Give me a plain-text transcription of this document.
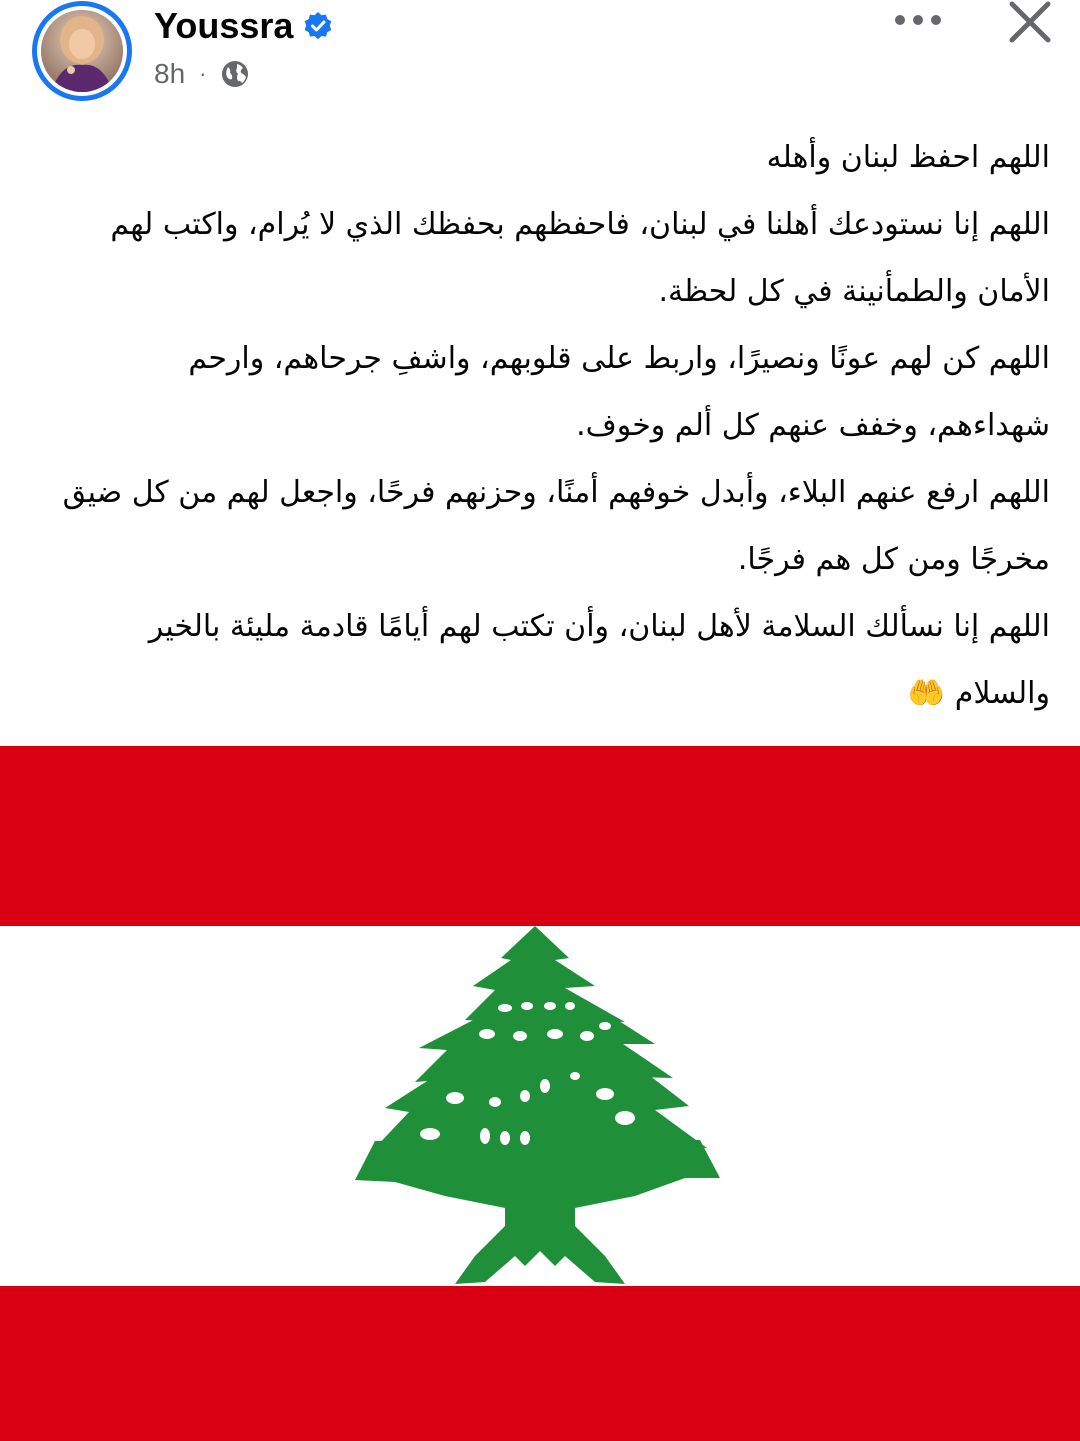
Youssra
8h ·

اللهم احفظ لبنان وأهله

اللهم إنا نستودعك أهلنا في لبنان، فاحفظهم بحفظك الذي لا يُرام، واكتب لهم الأمان والطمأنينة في كل لحظة.

اللهم كن لهم عونًا ونصيرًا، واربط على قلوبهم، واشفِ جرحاهم، وارحم شهداءهم، وخفف عنهم كل ألم وخوف.

اللهم ارفع عنهم البلاء، وأبدل خوفهم أمنًا، وحزنهم فرحًا، واجعل لهم من كل ضيق مخرجًا ومن كل هم فرجًا.

اللهم إنا نسألك السلامة لأهل لبنان، وأن تكتب لهم أيامًا قادمة مليئة بالخير والسلام 🤲
